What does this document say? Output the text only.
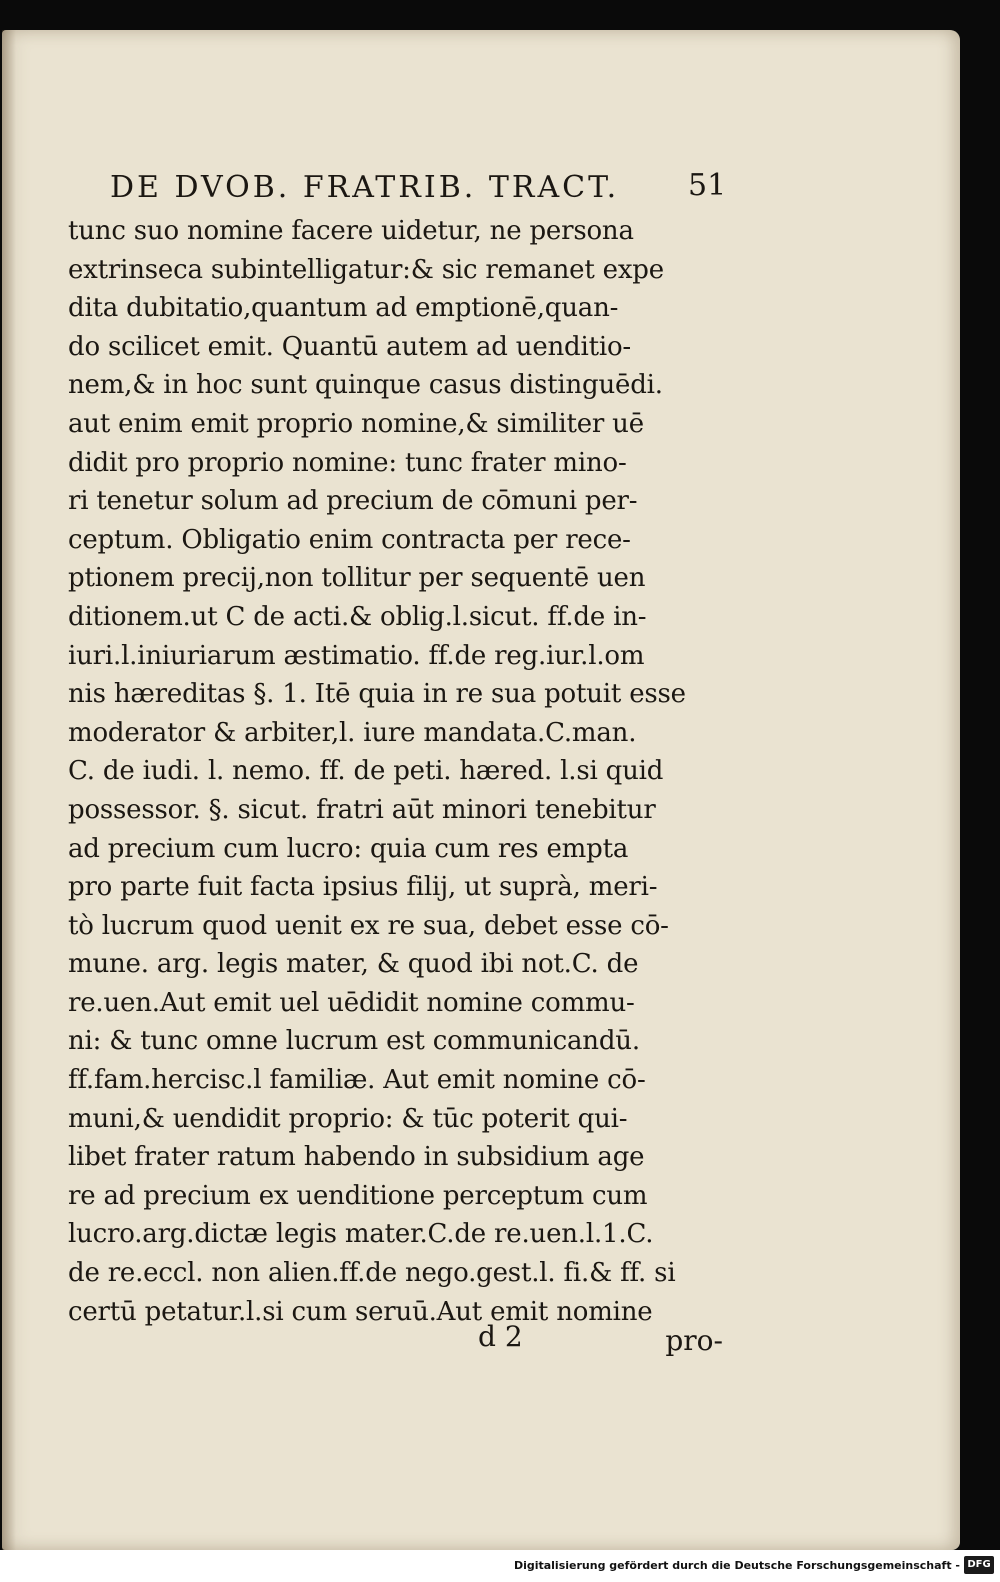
DE DVOB. FRATRIB. TRACT.	51
tunc suo nomine facere uidetur, ne persona
extrinseca subintelligatur:& sic remanet expe
dita dubitatio,quantum ad emptionē,quan-
do scilicet emit. Quantū autem ad uenditio-
nem,& in hoc sunt quinque casus distinguēdi.
aut enim emit proprio nomine,& similiter uē
didit pro proprio nomine: tunc frater mino-
ri tenetur solum ad precium de cōmuni per-
ceptum. Obligatio enim contracta per rece-
ptionem precij,non tollitur per sequentē uen
ditionem.ut C de acti.& oblig.l.sicut. ff.de in-
iuri.l.iniuriarum æstimatio. ff.de reg.iur.l.om
nis hæreditas §. 1. Itē quia in re sua potuit esse
moderator & arbiter,l. iure mandata.C.man.
C. de iudi. l. nemo. ff. de peti. hæred. l.si quid
possessor. §. sicut. fratri aūt minori tenebitur
ad precium cum lucro: quia cum res empta
pro parte fuit facta ipsius filij, ut suprà, meri-
tò lucrum quod uenit ex re sua, debet esse cō-
mune. arg. legis mater, & quod ibi not.C. de
re.uen.Aut emit uel uēdidit nomine commu-
ni: & tunc omne lucrum est communicandū.
ff.fam.hercisc.l familiæ. Aut emit nomine cō-
muni,& uendidit proprio: & tūc poterit qui-
libet frater ratum habendo in subsidium age
re ad precium ex uenditione perceptum cum
lucro.arg.dictæ legis mater.C.de re.uen.l.1.C.
de re.eccl. non alien.ff.de nego.gest.l. fi.& ff. si
certū petatur.l.si cum seruū.Aut emit nomine
d 2	pro-
Digitalisierung gefördert durch die Deutsche Forschungsgemeinschaft - DFG
